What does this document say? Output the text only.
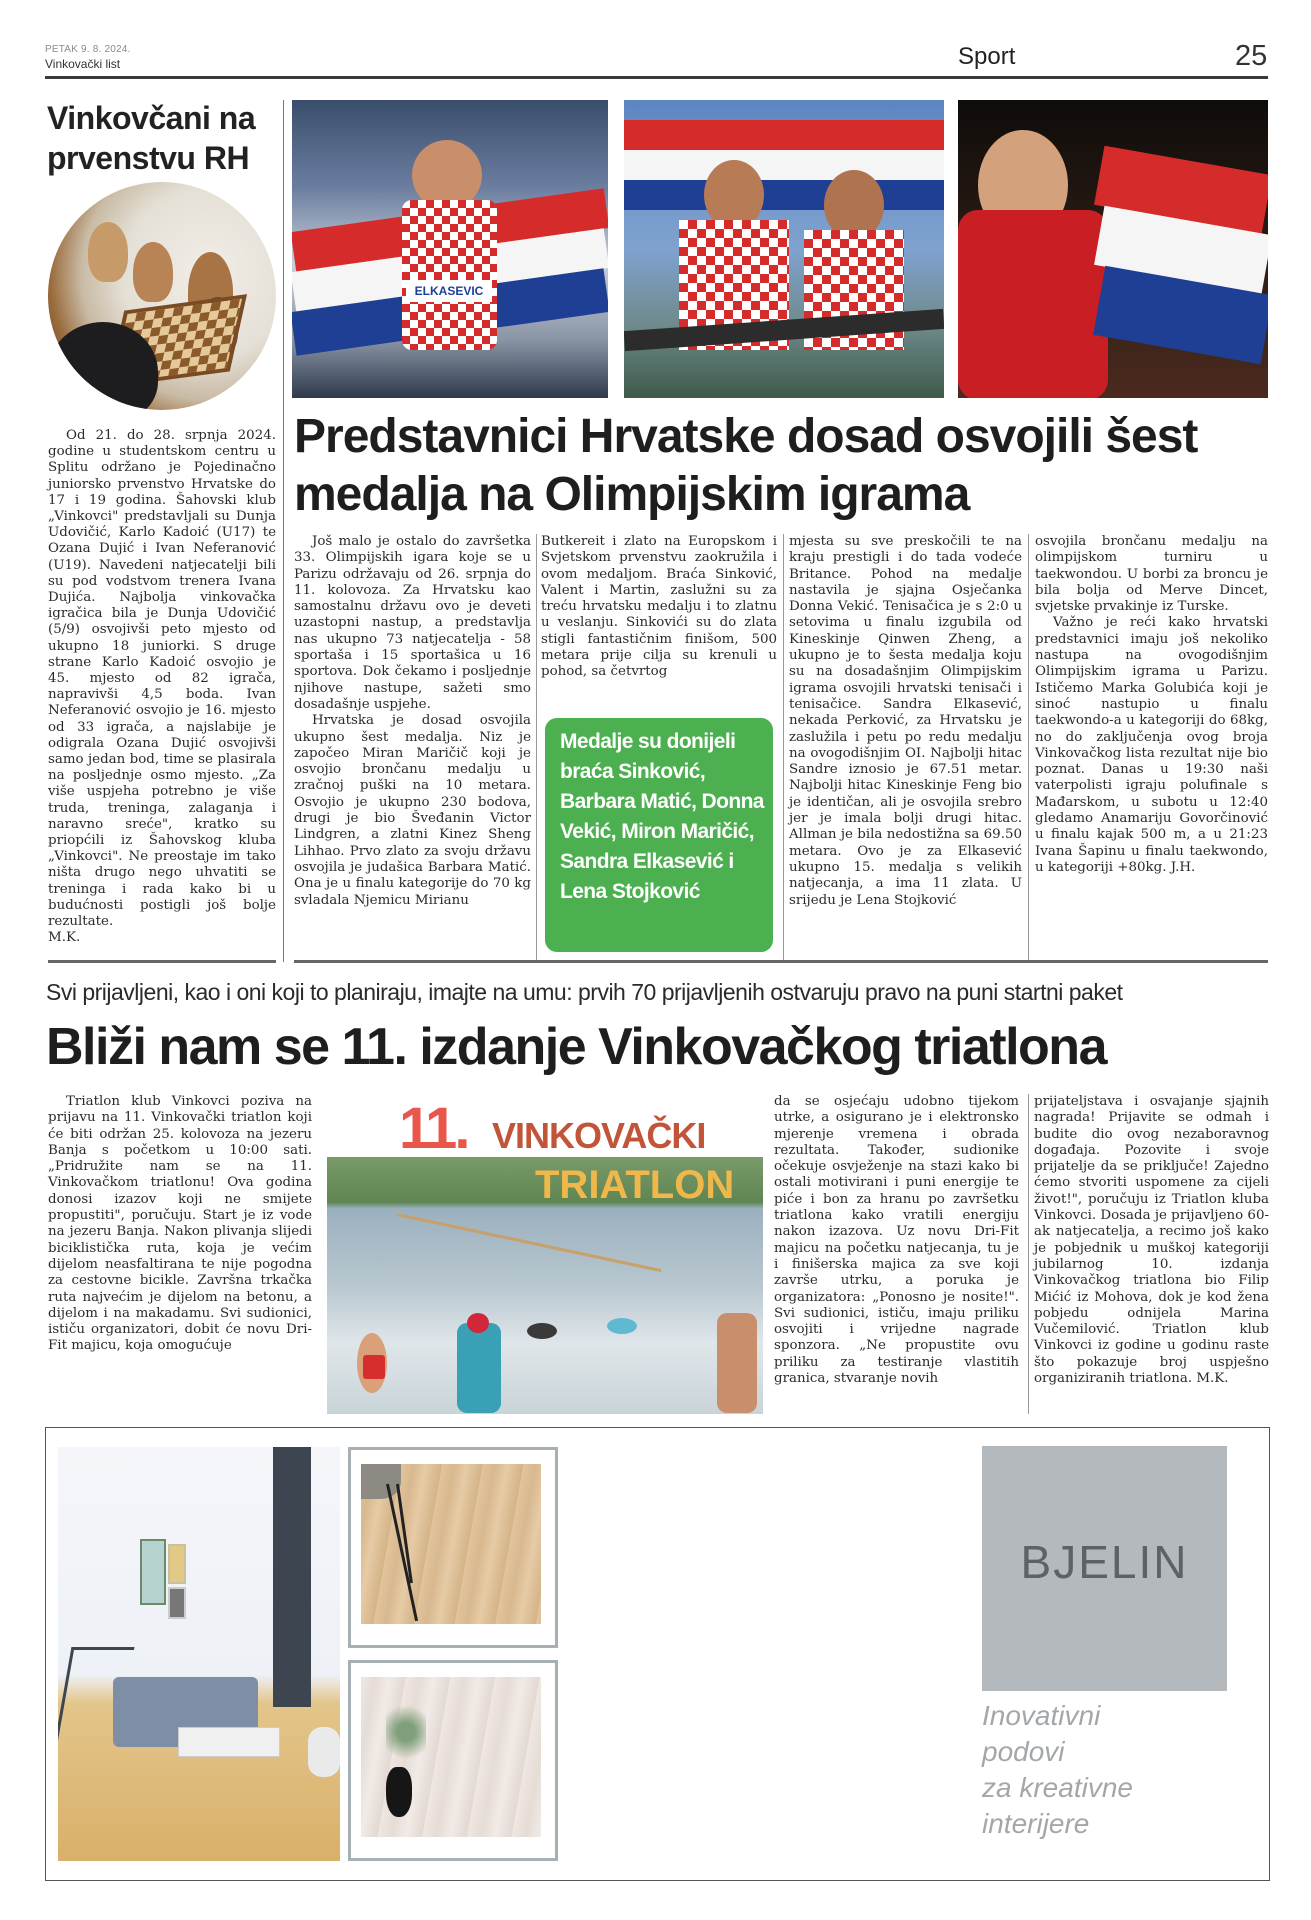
PETAK 9. 8. 2024.
Vinkovački list	Sport	25
Vinkovčani na prvenstvu RH

Od 21. do 28. srpnja 2024. godine u studentskom centru u Splitu održano je Pojedinačno juniorsko prvenstvo Hrvatske do 17 i 19 godina. Šahovski klub „Vinkovci" predstavljali su Dunja Udovičić, Karlo Kadoić (U17) te Ozana Dujić i Ivan Neferanović (U19). Navedeni natjecatelji bili su pod vodstvom trenera Ivana Dujića. Najbolja vinkovačka igračica bila je Dunja Udovičić (5/9) osvojivši peto mjesto od ukupno 18 juniorki. S druge strane Karlo Kadoić osvojio je 45. mjesto od 82 igrača, napravivši 4,5 boda. Ivan Neferanović osvojio je 16. mjesto od 33 igrača, a najslabije je odigrala Ozana Dujić osvojivši samo jedan bod, time se plasirala na posljednje osmo mjesto. „Za više uspjeha potrebno je više truda, treninga, zalaganja i naravno sreće", kratko su priopćili iz Šahovskog kluba „Vinkovci". Ne preostaje im tako ništa drugo nego uhvatiti se treninga i rada kako bi u budućnosti postigli još bolje rezultate.

M.K.

ELKASEVIC
Predstavnici Hrvatske dosad osvojili šest medalja na Olimpijskim igrama

Još malo je ostalo do završetka 33. Olimpijskih igara koje se u Parizu održavaju od 26. srpnja do 11. kolovoza. Za Hrvatsku kao samostalnu državu ovo je deveti uzastopni nastup, a predstavlja nas ukupno 73 natjecatelja - 58 sportaša i 15 sportašica u 16 sportova. Dok čekamo i posljednje njihove nastupe, sažeti smo dosadašnje uspjehe.

Hrvatska je dosad osvojila ukupno šest medalja. Niz je započeo Miran Maričič koji je osvojio brončanu medalju u zračnoj puški na 10 metara. Osvojio je ukupno 230 bodova, drugi je bio Šveđanin Victor Lindgren, a zlatni Kinez Sheng Lihhao. Prvo zlato za svoju državu osvojila je judašica Barbara Matić. Ona je u finalu kategorije do 70 kg svladala Njemicu Mirianu

Butkereit i zlato na Europskom i Svjetskom prvenstvu zaokružila i ovom medaljom. Braća Sinković, Valent i Martin, zaslužni su za treću hrvatsku medalju i to zlatnu u veslanju. Sinkovići su do zlata stigli fantastičnim finišom, 500 metara prije cilja su krenuli u pohod, sa četvrtog

mjesta su sve preskočili te na kraju prestigli i do tada vodeće Britance. Pohod na medalje nastavila je sjajna Osječanka Donna Vekić. Tenisačica je s 2:0 u setovima u finalu izgubila od Kineskinje Qinwen Zheng, a ukupno je to šesta medalja koju su na dosadašnjim Olimpijskim igrama osvojili hrvatski tenisači i tenisačice. Sandra Elkasević, nekada Perković, za Hrvatsku je zaslužila i petu po redu medalju na ovogodišnjim OI. Najbolji hitac Sandre iznosio je 67.51 metar. Najbolji hitac Kineskinje Feng bio je identičan, ali je osvojila srebro jer je imala bolji drugi hitac. Allman je bila nedostižna sa 69.50 metara. Ovo je za Elkasević ukupno 15. medalja s velikih natjecanja, a ima 11 zlata. U srijedu je Lena Stojković

osvojila brončanu medalju na olimpijskom turniru u taekwondou. U borbi za broncu je bila bolja od Merve Dincet, svjetske prvakinje iz Turske.

Važno je reći kako hrvatski predstavnici imaju još nekoliko nastupa na ovogodišnjim Olimpijskim igrama u Parizu. Ističemo Marka Golubića koji je sinoć nastupio u finalu taekwondo-a u kategoriji do 68kg, no do zaključenja ovog broja Vinkovačkog lista rezultat nije bio poznat. Danas u 19:30 naši vaterpolisti igraju polufinale s Mađarskom, u subotu u 12:40 gledamo Anamariju Govorčinović u finalu kajak 500 m, a u 21:23 Ivana Šapinu u finalu taekwondo, u kategoriji +80kg. J.H.

Medalje su donijeli braća Sinković, Barbara Matić, Donna Vekić, Miron Maričić, Sandra Elkasević i Lena Stojković
Svi prijavljeni, kao i oni koji to planiraju, imajte na umu: prvih 70 prijavljenih ostvaruju pravo na puni startni paket
Bliži nam se 11. izdanje Vinkovačkog triatlona

Triatlon klub Vinkovci poziva na prijavu na 11. Vinkovački triatlon koji će biti održan 25. kolovoza na jezeru Banja s početkom u 10:00 sati. „Pridružite nam se na 11. Vinkovačkom triatlonu! Ova godina donosi izazov koji ne smijete propustiti", poručuju. Start je iz vode na jezeru Banja. Nakon plivanja slijedi biciklistička ruta, koja je većim dijelom neasfaltirana te nije pogodna za cestovne bicikle. Završna trkačka ruta najvećim je dijelom na betonu, a dijelom i na makadamu. Svi sudionici, ističu organizatori, dobit će novu Dri-Fit majicu, koja omogućuje

11. VINKOVAČKI
TRIATLON

da se osjećaju udobno tijekom utrke, a osigurano je i elektronsko mjerenje vremena i obrada rezultata. Također, sudionike očekuje osvježenje na stazi kako bi ostali motivirani i puni energije te piće i bon za hranu po završetku triatlona kako vratili energiju nakon izazova. Uz novu Dri-Fit majicu na početku natjecanja, tu je i finišerska majica za sve koji završe utrku, a poruka je organizatora: „Ponosno je nosite!". Svi sudionici, ističu, imaju priliku osvojiti i vrijedne nagrade sponzora. „Ne propustite ovu priliku za testiranje vlastitih granica, stvaranje novih

prijateljstava i osvajanje sjajnih nagrada! Prijavite se odmah i budite dio ovog nezaboravnog događaja. Pozovite i svoje prijatelje da se priključe! Zajedno ćemo stvoriti uspomene za cijeli život!", poručuju iz Triatlon kluba Vinkovci. Dosada je prijavljeno 60-ak natjecatelja, a recimo još kako je pobjednik u muškoj kategoriji jubilarnog 10. izdanja Vinkovačkog triatlona bio Filip Mićić iz Mohova, dok je kod žena pobjedu odnijela Marina Vučemilović. Triatlon klub Vinkovci iz godine u godinu raste što pokazuje broj uspješno organiziranih triatlona. M.K.

BJELIN
Inovativni
podovi
za kreativne
interijere
